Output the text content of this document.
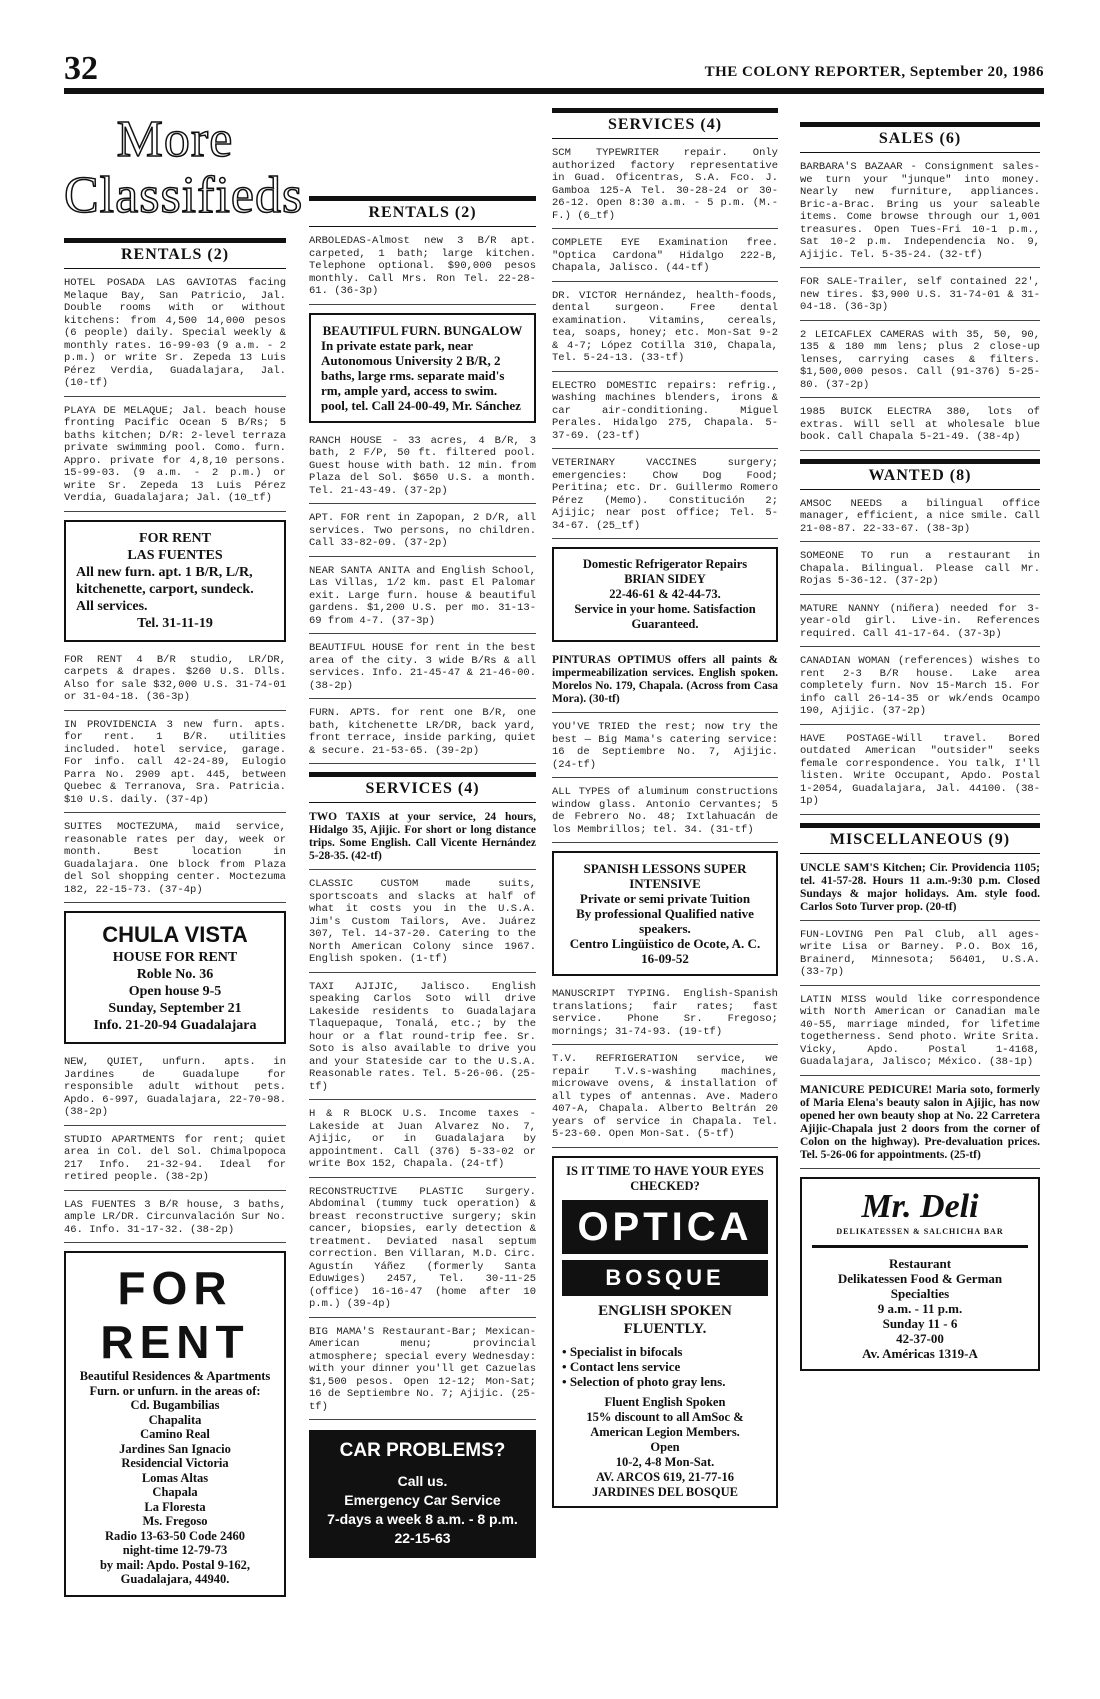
32	THE COLONY REPORTER, September 20, 1986
More Classifieds
RENTALS (2)
HOTEL POSADA LAS GAVIOTAS facing Melaque Bay, San Patricio, Jal. Double rooms with or without kitchens: from 4,500 14,000 pesos (6 people) daily. Special weekly & monthly rates. 16-99-03 (9 a.m. - 2 p.m.) or write Sr. Zepeda 13 Luis Pérez Verdia, Guadalajara, Jal. (10-tf)
PLAYA DE MELAQUE; Jal. beach house fronting Pacific Ocean 5 B/Rs; 5 baths kitchen; D/R: 2-level terraza private swimming pool. Como. furn. Appro. private for 4,8,10 persons. 15-99-03. (9 a.m. - 2 p.m.) or write Sr. Zepeda 13 Luis Pérez Verdia, Guadalajara; Jal. (10_tf)
FOR RENT
LAS FUENTES
All new furn. apt. 1 B/R, L/R, kitchenette, carport, sundeck. All services.
Tel. 31-11-19
FOR RENT 4 B/R studio, LR/DR, carpets & drapes. $260 U.S. Dlls. Also for sale $32,000 U.S. 31-74-01 or 31-04-18. (36-3p)
IN PROVIDENCIA 3 new furn. apts. for rent. 1 B/R. utilities included. hotel service, garage. For info. call 42-24-89, Eulogio Parra No. 2909 apt. 445, between Quebec & Terranova, Sra. Patricia. $10 U.S. daily. (37-4p)
SUITES MOCTEZUMA, maid service, reasonable rates per day, week or month. Best location in Guadalajara. One block from Plaza del Sol shopping center. Moctezuma 182, 22-15-73. (37-4p)
CHULA VISTA
HOUSE FOR RENT
Roble No. 36
Open house 9-5
Sunday, September 21
Info. 21-20-94 Guadalajara
NEW, QUIET, unfurn. apts. in Jardines de Guadalupe for responsible adult without pets. Apdo. 6-997, Guadalajara, 22-70-98. (38-2p)
STUDIO APARTMENTS for rent; quiet area in Col. del Sol. Chimalpopoca 217 Info. 21-32-94. Ideal for retired people. (38-2p)
LAS FUENTES 3 B/R house, 3 baths, ample LR/DR. Circunvalación Sur No. 46. Info. 31-17-32. (38-2p)
FOR RENT
Beautiful Residences & Apartments
Furn. or unfurn. in the areas of:
Cd. Bugambilias
Chapalita
Camino Real
Jardines San Ignacio
Residencial Victoria
Lomas Altas
Chapala
La Floresta
Ms. Fregoso
Radio 13-63-50 Code 2460
night-time 12-79-73
by mail: Apdo. Postal 9-162, Guadalajara, 44940.
RENTALS (2)
ARBOLEDAS-Almost new 3 B/R apt. carpeted, 1 bath; large kitchen. Telephone optional. $90,000 pesos monthly. Call Mrs. Ron Tel. 22-28-61. (36-3p)
BEAUTIFUL FURN. BUNGALOW
In private estate park, near Autonomous University 2 B/R, 2 baths, large rms. separate maid's rm, ample yard, access to swim. pool, tel. Call 24-00-49, Mr. Sánchez
RANCH HOUSE - 33 acres, 4 B/R, 3 bath, 2 F/P, 50 ft. filtered pool. Guest house with bath. 12 min. from Plaza del Sol. $650 U.S. a month. Tel. 21-43-49. (37-2p)
APT. FOR rent in Zapopan, 2 D/R, all services. Two persons, no children. Call 33-82-09. (37-2p)
NEAR SANTA ANITA and English School, Las Villas, 1/2 km. past El Palomar exit. Large furn. house & beautiful gardens. $1,200 U.S. per mo. 31-13-69 from 4-7. (37-3p)
BEAUTIFUL HOUSE for rent in the best area of the city. 3 wide B/Rs & all services. Info. 21-45-47 & 21-46-00. (38-2p)
FURN. APTS. for rent one B/R, one bath, kitchenette LR/DR, back yard, front terrace, inside parking, quiet & secure. 21-53-65. (39-2p)
SERVICES (4)
TWO TAXIS at your service, 24 hours, Hidalgo 35, Ajijic. For short or long distance trips. Some English. Call Vicente Hernández 5-28-35. (42-tf)
CLASSIC CUSTOM made suits, sportscoats and slacks at half of what it costs you in the U.S.A. Jim's Custom Tailors, Ave. Juárez 307, Tel. 14-37-20. Catering to the North American Colony since 1967. English spoken. (1-tf)
TAXI AJIJIC, Jalisco. English speaking Carlos Soto will drive Lakeside residents to Guadalajara Tlaquepaque, Tonalá, etc.; by the hour or a flat round-trip fee. Sr. Soto is also available to drive you and your Stateside car to the U.S.A. Reasonable rates. Tel. 5-26-06. (25-tf)
H & R BLOCK U.S. Income taxes - Lakeside at Juan Alvarez No. 7, Ajijic, or in Guadalajara by appointment. Call (376) 5-33-02 or write Box 152, Chapala. (24-tf)
RECONSTRUCTIVE PLASTIC Surgery. Abdominal (tummy tuck operation) & breast reconstructive surgery; skin cancer, biopsies, early detection & treatment. Deviated nasal septum correction. Ben Villaran, M.D. Circ. Agustín Yáñez (formerly Santa Eduwiges) 2457, Tel. 30-11-25 (office) 16-16-47 (home after 10 p.m.) (39-4p)
BIG MAMA'S Restaurant-Bar; Mexican-American menu; provincial atmosphere; special every Wednesday: with your dinner you'll get Cazuelas $1,500 pesos. Open 12-12; Mon-Sat; 16 de Septiembre No. 7; Ajijic. (25-tf)
CAR PROBLEMS?
Call us.
Emergency Car Service
7-days a week 8 a.m. - 8 p.m.
22-15-63
SERVICES (4)
SCM TYPEWRITER repair. Only authorized factory representative in Guad. Oficentras, S.A. Fco. J. Gamboa 125-A Tel. 30-28-24 or 30-26-12. Open 8:30 a.m. - 5 p.m. (M.-F.) (6_tf)
COMPLETE EYE Examination free. "Optica Cardona" Hidalgo 222-B, Chapala, Jalisco. (44-tf)
DR. VICTOR Hernández, health-foods, dental surgeon. Free dental examination. Vitamins, cereals, tea, soaps, honey; etc. Mon-Sat 9-2 & 4-7; López Cotilla 310, Chapala, Tel. 5-24-13. (33-tf)
ELECTRO DOMESTIC repairs: refrig., washing machines blenders, irons & car air-conditioning. Miguel Perales. Hidalgo 275, Chapala. 5-37-69. (23-tf)
VETERINARY VACCINES surgery; emergencies: Chow Dog Food; Peritina; etc. Dr. Guillermo Romero Pérez (Memo). Constitución 2; Ajijic; near post office; Tel. 5-34-67. (25_tf)
Domestic Refrigerator Repairs
BRIAN SIDEY
22-46-61 & 42-44-73.
Service in your home. Satisfaction Guaranteed.
PINTURAS OPTIMUS offers all paints & impermeabilization services. English spoken. Morelos No. 179, Chapala. (Across from Casa Mora). (30-tf)
YOU'VE TRIED the rest; now try the best — Big Mama's catering service: 16 de Septiembre No. 7, Ajijic. (24-tf)
ALL TYPES of aluminum constructions window glass. Antonio Cervantes; 5 de Febrero No. 48; Ixtlahuacán de los Membrillos; tel. 34. (31-tf)
SPANISH LESSONS SUPER INTENSIVE
Private or semi private Tuition
By professional Qualified native speakers.
Centro Lingüistico de Ocote, A. C.
16-09-52
MANUSCRIPT TYPING. English-Spanish translations; fair rates; fast service. Phone Sr. Fregoso; mornings; 31-74-93. (19-tf)
T.V. REFRIGERATION service, we repair T.V.s-washing machines, microwave ovens, & installation of all types of antennas. Ave. Madero 407-A, Chapala. Alberto Beltrán 20 years of service in Chapala. Tel. 5-23-60. Open Mon-Sat. (5-tf)
IS IT TIME TO HAVE YOUR EYES CHECKED?
OPTICA
BOSQUE
ENGLISH SPOKEN FLUENTLY.
• Specialist in bifocals
• Contact lens service
• Selection of photo gray lens.
Fluent English Spoken
15% discount to all AmSoc & American Legion Members.
Open
10-2, 4-8 Mon-Sat.
AV. ARCOS 619, 21-77-16
JARDINES DEL BOSQUE
SALES (6)
BARBARA'S BAZAAR - Consignment sales-we turn your "junque" into money. Nearly new furniture, appliances. Bric-a-Brac. Bring us your saleable items. Come browse through our 1,001 treasures. Open Tues-Fri 10-1 p.m., Sat 10-2 p.m. Independencia No. 9, Ajijic. Tel. 5-35-24. (32-tf)
FOR SALE-Trailer, self contained 22', new tires. $3,900 U.S. 31-74-01 & 31-04-18. (36-3p)
2 LEICAFLEX CAMERAS with 35, 50, 90, 135 & 180 mm lens; plus 2 close-up lenses, carrying cases & filters. $1,500,000 pesos. Call (91-376) 5-25-80. (37-2p)
1985 BUICK ELECTRA 380, lots of extras. Will sell at wholesale blue book. Call Chapala 5-21-49. (38-4p)
WANTED (8)
AMSOC NEEDS a bilingual office manager, efficient, a nice smile. Call 21-08-87. 22-33-67. (38-3p)
SOMEONE TO run a restaurant in Chapala. Bilingual. Please call Mr. Rojas 5-36-12. (37-2p)
MATURE NANNY (niñera) needed for 3-year-old girl. Live-in. References required. Call 41-17-64. (37-3p)
CANADIAN WOMAN (references) wishes to rent 2-3 B/R house. Lake area completely furn. Nov 15-March 15. For info call 26-14-35 or wk/ends Ocampo 190, Ajijic. (37-2p)
HAVE POSTAGE-Will travel. Bored outdated American "outsider" seeks female correspondence. You talk, I'll listen. Write Occupant, Apdo. Postal 1-2054, Guadalajara, Jal. 44100. (38-1p)
MISCELLANEOUS (9)
UNCLE SAM'S Kitchen; Cir. Providencia 1105; tel. 41-57-28. Hours 11 a.m.-9:30 p.m. Closed Sundays & major holidays. Am. style food. Carlos Soto Turver prop. (20-tf)
FUN-LOVING Pen Pal Club, all ages-write Lisa or Barney. P.O. Box 16, Brainerd, Minnesota; 56401, U.S.A. (33-7p)
LATIN MISS would like correspondence with North American or Canadian male 40-55, marriage minded, for lifetime togetherness. Send photo. Write Srita. Vicky, Apdo. Postal 1-4168, Guadalajara, Jalisco; México. (38-1p)
MANICURE PEDICURE! Maria soto, formerly of Maria Elena's beauty salon in Ajijic, has now opened her own beauty shop at No. 22 Carretera Ajijic-Chapala just 2 doors from the corner of Colon on the highway). Pre-devaluation prices. Tel. 5-26-06 for appointments. (25-tf)
Mr. Deli
DELIKATESSEN & SALCHICHA BAR
Restaurant
Delikatessen Food & German Specialties
9 a.m. - 11 p.m.
Sunday 11 - 6
42-37-00
Av. Américas 1319-A
